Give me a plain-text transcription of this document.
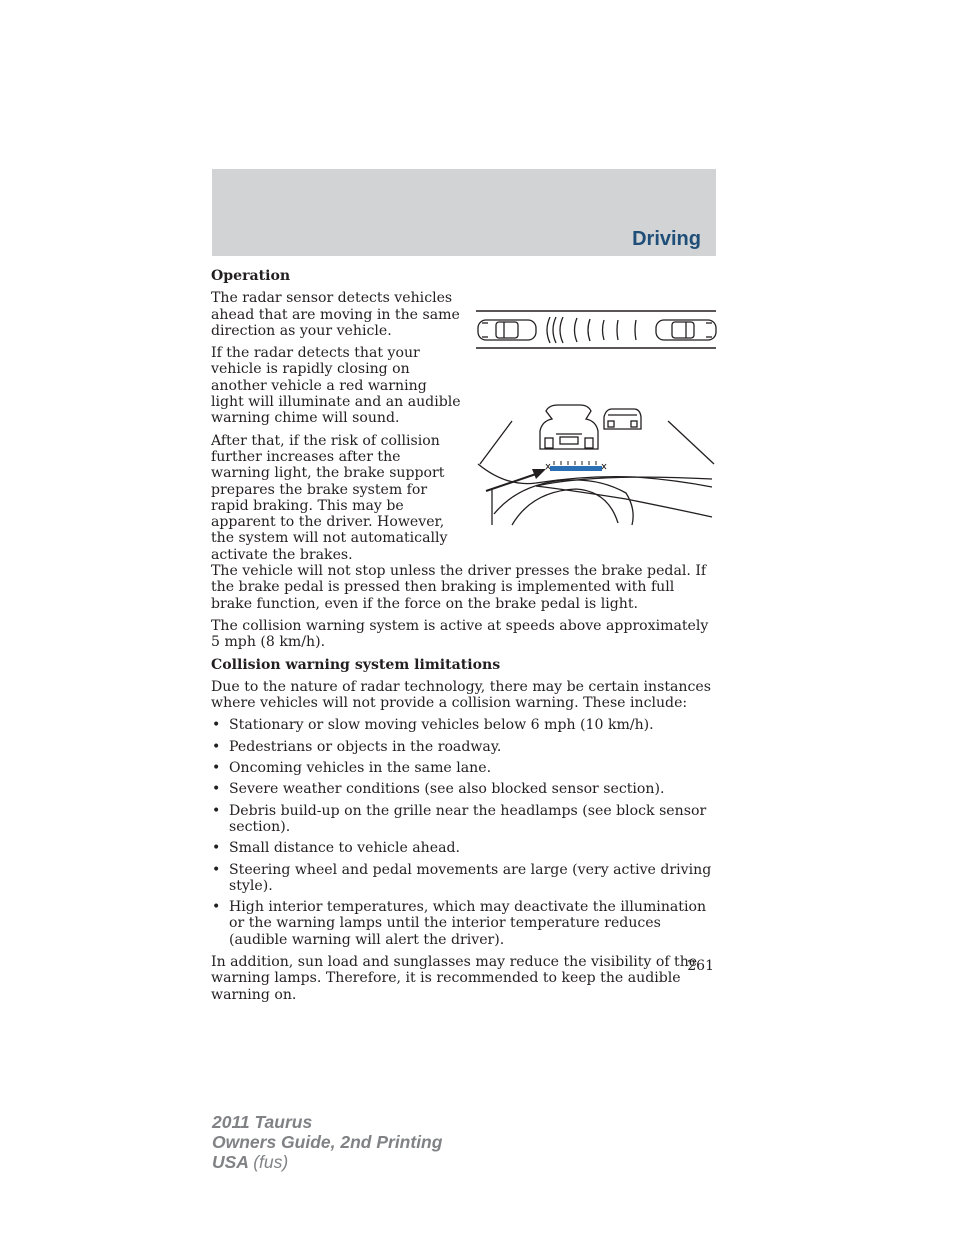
Driving
Operation

The radar sensor detects vehicles ahead that are moving in the same direction as your vehicle.

If the radar detects that your vehicle is rapidly closing on another vehicle a red warning light will illuminate and an audible warning chime will sound.

After that, if the risk of collision further increases after the warning light, the brake support prepares the brake system for rapid braking. This may be apparent to the driver. However, the system will not automatically activate the brakes.

The vehicle will not stop unless the driver presses the brake pedal. If the brake pedal is pressed then braking is implemented with full brake function, even if the force on the brake pedal is light.

The collision warning system is active at speeds above approximately 5 mph (8 km/h).

Collision warning system limitations

Due to the nature of radar technology, there may be certain instances where vehicles will not provide a collision warning. These include:

• Stationary or slow moving vehicles below 6 mph (10 km/h).
• Pedestrians or objects in the roadway.
• Oncoming vehicles in the same lane.
• Severe weather conditions (see also blocked sensor section).
• Debris build-up on the grille near the headlamps (see block sensor section).
• Small distance to vehicle ahead.
• Steering wheel and pedal movements are large (very active driving style).
• High interior temperatures, which may deactivate the illumination or the warning lamps until the interior temperature reduces (audible warning will alert the driver).

In addition, sun load and sunglasses may reduce the visibility of the warning lamps. Therefore, it is recommended to keep the audible warning on.

261
2011 Taurus
Owners Guide, 2nd Printing
USA (fus)
